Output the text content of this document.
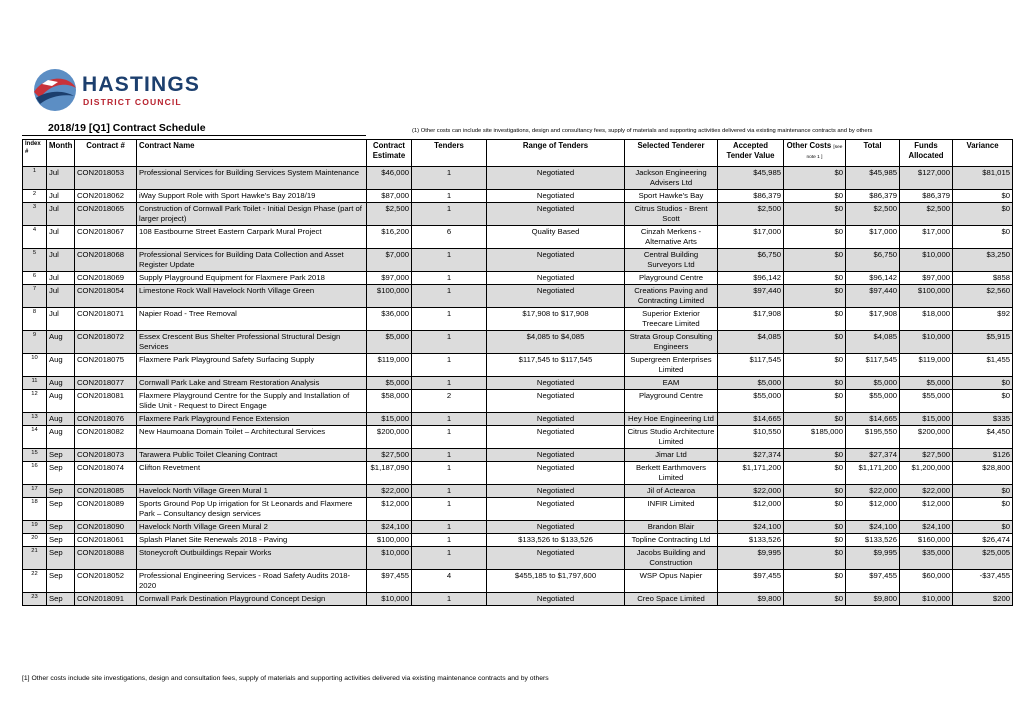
HASTINGS
DISTRICT COUNCIL
2018/19 [Q1] Contract Schedule	(1) Other costs can include site investigations, design and consultancy fees, supply of materials and supporting activities delivered via existing maintenance contracts and by others
Index #	Month	Contract #	Contract Name	Contract Estimate	Tenders	Range of Tenders	Selected Tenderer	Accepted Tender Value	Other Costs [see note 1 ]	Total	Funds Allocated	Variance
1	Jul	CON2018053	Professional Services for Building Services System Maintenance	$46,000	1	Negotiated	Jackson Engineering Advisers Ltd	$45,985	$0	$45,985	$127,000	$81,015
2	Jul	CON2018062	iWay Support Role with Sport Hawke's Bay 2018/19	$87,000	1	Negotiated	Sport Hawke's Bay	$86,379	$0	$86,379	$86,379	$0
3	Jul	CON2018065	Construction of Cornwall Park Toilet - Initial Design Phase (part of larger project)	$2,500	1	Negotiated	Citrus Studios - Brent Scott	$2,500	$0	$2,500	$2,500	$0
4	Jul	CON2018067	108 Eastbourne Street Eastern Carpark Mural Project	$16,200	6	Quality Based	Cinzah Merkens - Alternative Arts	$17,000	$0	$17,000	$17,000	$0
5	Jul	CON2018068	Professional Services for Building Data Collection and Asset Register Update	$7,000	1	Negotiated	Central Building Surveyors Ltd	$6,750	$0	$6,750	$10,000	$3,250
6	Jul	CON2018069	Supply Playground Equipment for Flaxmere Park 2018	$97,000	1	Negotiated	Playground Centre	$96,142	$0	$96,142	$97,000	$858
7	Jul	CON2018054	Limestone Rock Wall Havelock North Village Green	$100,000	1	Negotiated	Creations Paving and Contracting Limited	$97,440	$0	$97,440	$100,000	$2,560
8	Jul	CON2018071	Napier Road - Tree Removal	$36,000	1	$17,908 to $17,908	Superior Exterior Treecare Limited	$17,908	$0	$17,908	$18,000	$92
9	Aug	CON2018072	Essex Crescent Bus Shelter Professional Structural Design Services	$5,000	1	$4,085 to $4,085	Strata Group Consulting Engineers	$4,085	$0	$4,085	$10,000	$5,915
10	Aug	CON2018075	Flaxmere Park Playground Safety Surfacing Supply	$119,000	1	$117,545 to $117,545	Supergreen Enterprises Limited	$117,545	$0	$117,545	$119,000	$1,455
11	Aug	CON2018077	Cornwall Park Lake and Stream Restoration Analysis	$5,000	1	Negotiated	EAM	$5,000	$0	$5,000	$5,000	$0
12	Aug	CON2018081	Flaxmere Playground Centre for the Supply and Installation of Slide Unit - Request to Direct Engage	$58,000	2	Negotiated	Playground Centre	$55,000	$0	$55,000	$55,000	$0
13	Aug	CON2018076	Flaxmere Park Playground Fence Extension	$15,000	1	Negotiated	Hey Hoe Engineering Ltd	$14,665	$0	$14,665	$15,000	$335
14	Aug	CON2018082	New Haumoana Domain Toilet – Architectural Services	$200,000	1	Negotiated	Citrus Studio Architecture Limited	$10,550	$185,000	$195,550	$200,000	$4,450
15	Sep	CON2018073	Tarawera Public Toilet Cleaning Contract	$27,500	1	Negotiated	Jimar Ltd	$27,374	$0	$27,374	$27,500	$126
16	Sep	CON2018074	Clifton Revetment	$1,187,090	1	Negotiated	Berkett Earthmovers Limited	$1,171,200	$0	$1,171,200	$1,200,000	$28,800
17	Sep	CON2018085	Havelock North Village Green Mural 1	$22,000	1	Negotiated	Jil of Actearoa	$22,000	$0	$22,000	$22,000	$0
18	Sep	CON2018089	Sports Ground Pop Up irrigation for St Leonards and Flaxmere Park – Consultancy design services	$12,000	1	Negotiated	INFIR Limited	$12,000	$0	$12,000	$12,000	$0
19	Sep	CON2018090	Havelock North Village Green Mural 2	$24,100	1	Negotiated	Brandon Blair	$24,100	$0	$24,100	$24,100	$0
20	Sep	CON2018061	Splash Planet Site Renewals 2018 - Paving	$100,000	1	$133,526 to $133,526	Topline Contracting Ltd	$133,526	$0	$133,526	$160,000	$26,474
21	Sep	CON2018088	Stoneycroft Outbuildings Repair Works	$10,000	1	Negotiated	Jacobs Building and Construction	$9,995	$0	$9,995	$35,000	$25,005
22	Sep	CON2018052	Professional Engineering Services - Road Safety Audits 2018-2020	$97,455	4	$455,185 to $1,797,600	WSP Opus Napier	$97,455	$0	$97,455	$60,000	-$37,455
23	Sep	CON2018091	Cornwall Park Destination Playground Concept Design	$10,000	1	Negotiated	Creo Space Limited	$9,800	$0	$9,800	$10,000	$200
[1] Other costs include site investigations, design and consultation fees, supply of materials and supporting activities delivered via existing maintenance contracts and by others
